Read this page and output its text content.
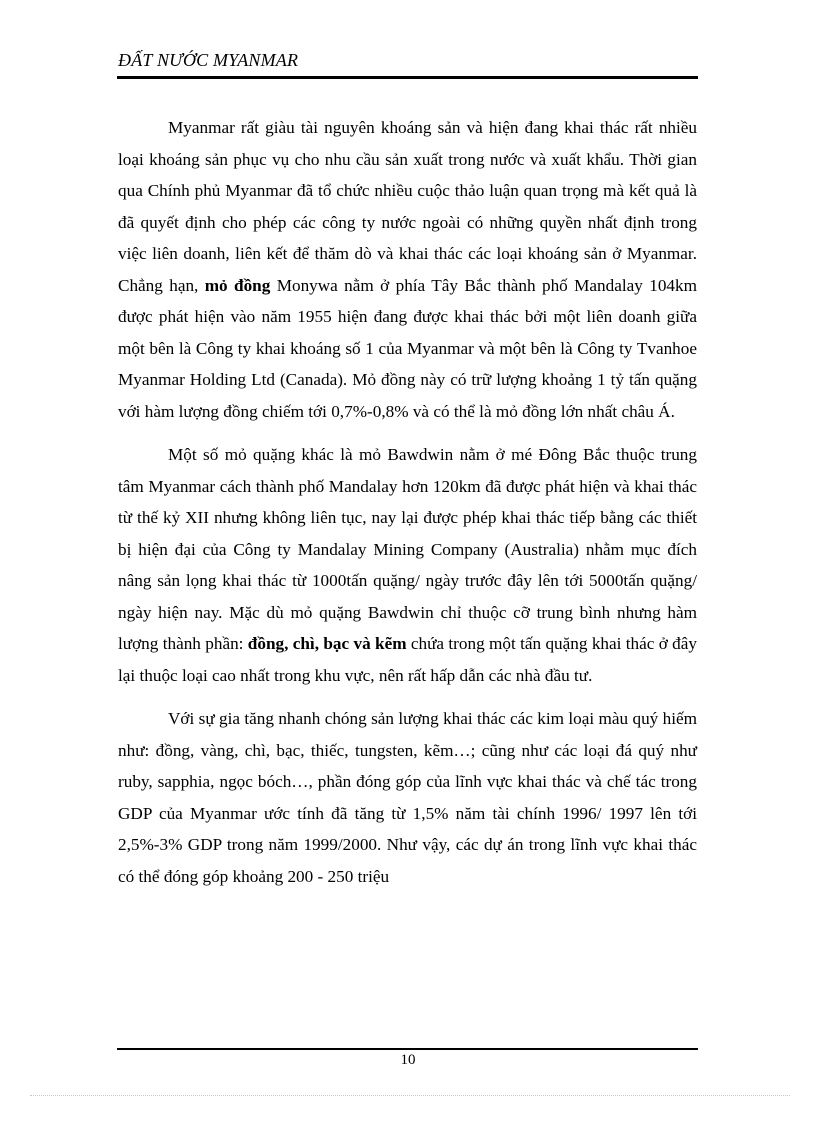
ĐẤT NƯỚC MYANMAR

Myanmar rất giàu tài nguyên khoáng sản và hiện đang khai thác rất nhiều loại khoáng sản phục vụ cho nhu cầu sản xuất trong nước và xuất khẩu. Thời gian qua Chính phủ Myanmar đã tổ chức nhiều cuộc thảo luận quan trọng mà kết quả là đã quyết định cho phép các công ty nước ngoài có những quyền nhất định trong việc liên doanh, liên kết để thăm dò và khai thác các loại khoáng sản ở Myanmar. Chẳng hạn, mỏ đồng Monywa nằm ở phía Tây Bắc thành phố Mandalay 104km được phát hiện vào năm 1955 hiện đang được khai thác bởi một liên doanh giữa một bên là Công ty khai khoáng số 1 của Myanmar và một bên là Công ty Tvanhoe Myanmar Holding Ltd (Canada). Mỏ đồng này có trữ lượng khoảng 1 tỷ tấn quặng với hàm lượng đồng chiếm tới 0,7%-0,8% và có thể là mỏ đồng lớn nhất châu Á.

Một số mỏ quặng khác là mỏ Bawdwin nằm ở mé Đông Bắc thuộc trung tâm Myanmar cách thành phố Mandalay hơn 120km đã được phát hiện và khai thác từ thế kỷ XII nhưng không liên tục, nay lại được phép khai thác tiếp bằng các thiết bị hiện đại của Công ty Mandalay Mining Company (Australia) nhằm mục đích nâng sản lọng khai thác từ 1000tấn quặng/ ngày trước đây lên tới 5000tấn quặng/ ngày hiện nay. Mặc dù mỏ quặng Bawdwin chỉ thuộc cỡ trung bình nhưng hàm lượng thành phần: đồng, chì, bạc và kẽm chứa trong một tấn quặng khai thác ở đây lại thuộc loại cao nhất trong khu vực, nên rất hấp dẫn các nhà đầu tư.

Với sự gia tăng nhanh chóng sản lượng khai thác các kim loại màu quý hiếm như: đồng, vàng, chì, bạc, thiếc, tungsten, kẽm…; cũng như các loại đá quý như ruby, sapphia, ngọc bóch…, phần đóng góp của lĩnh vực khai thác và chế tác trong GDP của Myanmar ước tính đã tăng từ 1,5% năm tài chính 1996/ 1997 lên tới 2,5%-3% GDP trong năm 1999/2000. Như vậy, các dự án trong lĩnh vực khai thác có thể đóng góp khoảng 200 - 250 triệu

10
